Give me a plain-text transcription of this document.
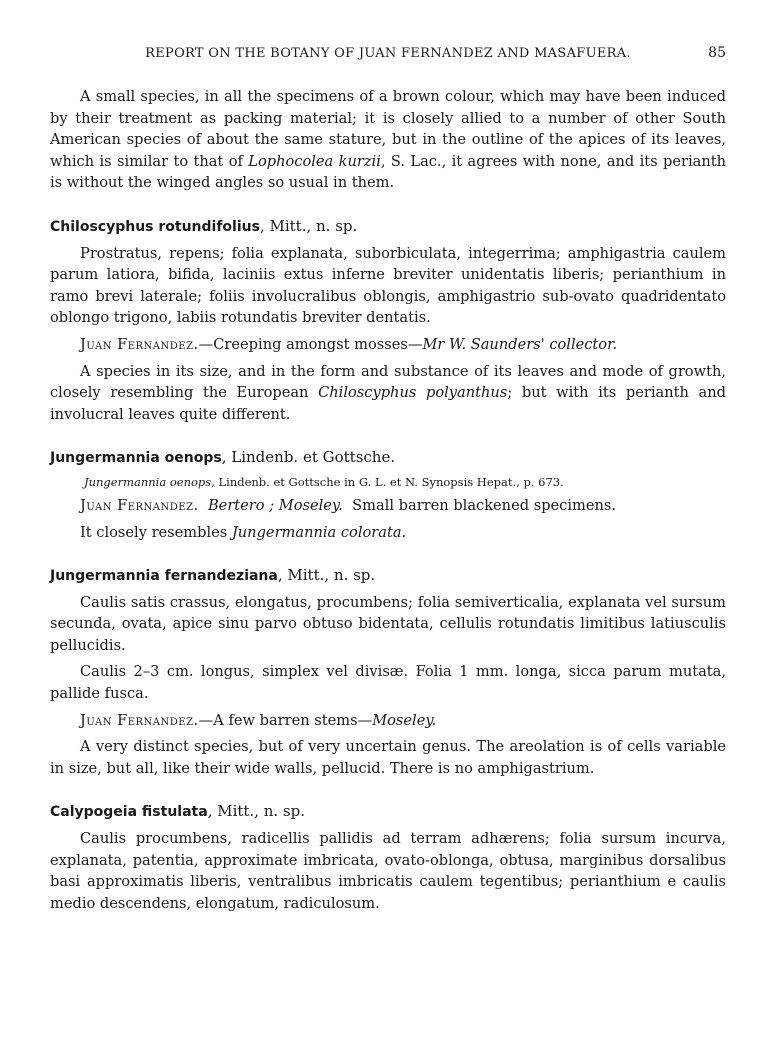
REPORT ON THE BOTANY OF JUAN FERNANDEZ AND MASAFUERA.	85

A small species, in all the specimens of a brown colour, which may have been induced by their treatment as packing material; it is closely allied to a number of other South American species of about the same stature, but in the outline of the apices of its leaves, which is similar to that of Lophocolea kurzii, S. Lac., it agrees with none, and its perianth is without the winged angles so usual in them.

Chiloscyphus rotundifolius, Mitt., n. sp.

Prostratus, repens; folia explanata, suborbiculata, integerrima; amphigastria caulem parum latiora, bifida, laciniis extus inferne breviter unidentatis liberis; perianthium in ramo brevi laterale; foliis involucralibus oblongis, amphigastrio sub-ovato quadridentato oblongo trigono, labiis rotundatis breviter dentatis.

Juan Fernandez.—Creeping amongst mosses—Mr W. Saunders' collector.

A species in its size, and in the form and substance of its leaves and mode of growth, closely resembling the European Chiloscyphus polyanthus; but with its perianth and involucral leaves quite different.

Jungermannia oenops, Lindenb. et Gottsche.

Jungermannia oenops, Lindenb. et Gottsche in G. L. et N. Synopsis Hepat., p. 673.

Juan Fernandez. Bertero ; Moseley. Small barren blackened specimens.

It closely resembles Jungermannia colorata.

Jungermannia fernandeziana, Mitt., n. sp.

Caulis satis crassus, elongatus, procumbens; folia semiverticalia, explanata vel sursum secunda, ovata, apice sinu parvo obtuso bidentata, cellulis rotundatis limitibus latiusculis pellucidis.

Caulis 2–3 cm. longus, simplex vel divisæ. Folia 1 mm. longa, sicca parum mutata, pallide fusca.

Juan Fernandez.—A few barren stems—Moseley.

A very distinct species, but of very uncertain genus. The areolation is of cells variable in size, but all, like their wide walls, pellucid. There is no amphigastrium.

Calypogeia fistulata, Mitt., n. sp.

Caulis procumbens, radicellis pallidis ad terram adhærens; folia sursum incurva, explanata, patentia, approximate imbricata, ovato-oblonga, obtusa, marginibus dorsalibus basi approximatis liberis, ventralibus imbricatis caulem tegentibus; perianthium e caulis medio descendens, elongatum, radiculosum.
